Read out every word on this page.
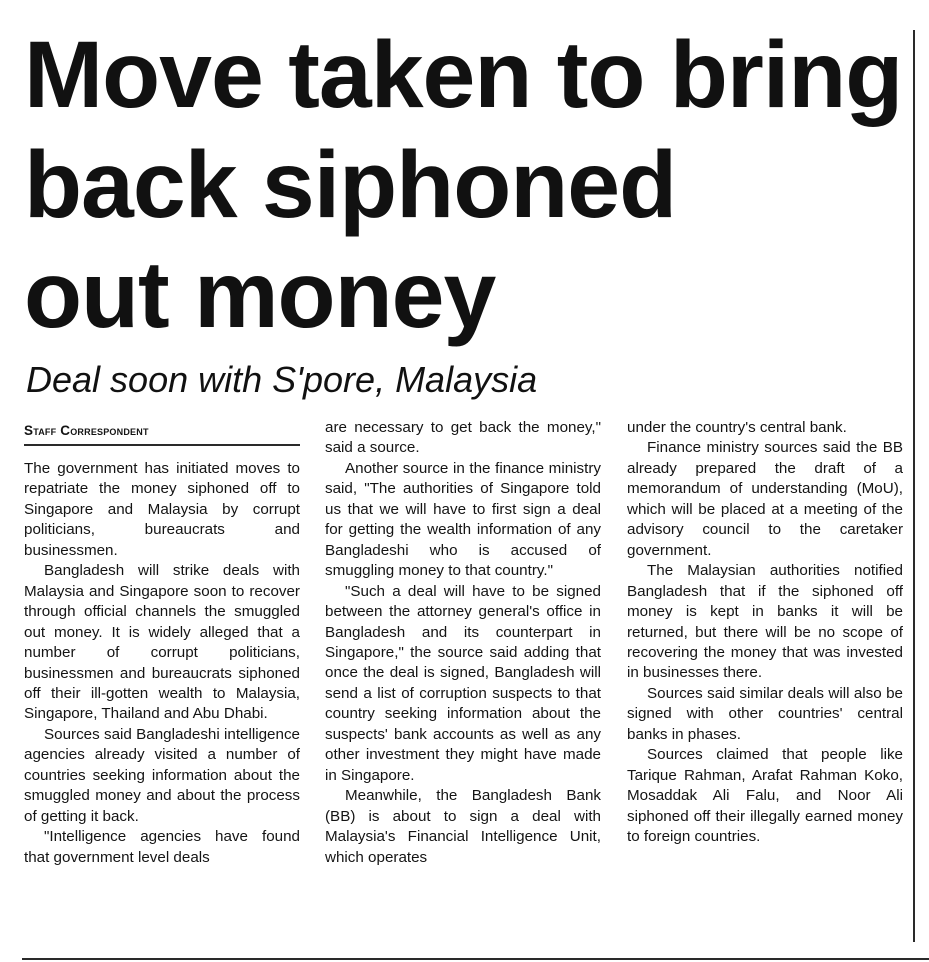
Move taken to bring
back siphoned
out money
Deal soon with S'pore, Malaysia
Staff Correspondent

The government has initiated moves to repatriate the money siphoned off to Singapore and Malaysia by corrupt politicians, bureaucrats and businessmen.

Bangladesh will strike deals with Malaysia and Singapore soon to recover through official channels the smuggled out money. It is widely alleged that a number of corrupt politicians, businessmen and bureaucrats siphoned off their ill-gotten wealth to Malaysia, Singapore, Thailand and Abu Dhabi.

Sources said Bangladeshi intelligence agencies already visited a number of countries seeking information about the smuggled money and about the process of getting it back.

"Intelligence agencies have found that government level deals

are necessary to get back the money," said a source.

Another source in the finance ministry said, "The authorities of Singapore told us that we will have to first sign a deal for getting the wealth information of any Bangladeshi who is accused of smuggling money to that country."

"Such a deal will have to be signed between the attorney general's office in Bangladesh and its counterpart in Singapore," the source said adding that once the deal is signed, Bangladesh will send a list of corruption suspects to that country seeking information about the suspects' bank accounts as well as any other investment they might have made in Singapore.

Meanwhile, the Bangladesh Bank (BB) is about to sign a deal with Malaysia's Financial Intelligence Unit, which operates

under the country's central bank.

Finance ministry sources said the BB already prepared the draft of a memorandum of understanding (MoU), which will be placed at a meeting of the advisory council to the caretaker government.

The Malaysian authorities notified Bangladesh that if the siphoned off money is kept in banks it will be returned, but there will be no scope of recovering the money that was invested in businesses there.

Sources said similar deals will also be signed with other countries' central banks in phases.

Sources claimed that people like Tarique Rahman, Arafat Rahman Koko, Mosaddak Ali Falu, and Noor Ali siphoned off their illegally earned money to foreign countries.
